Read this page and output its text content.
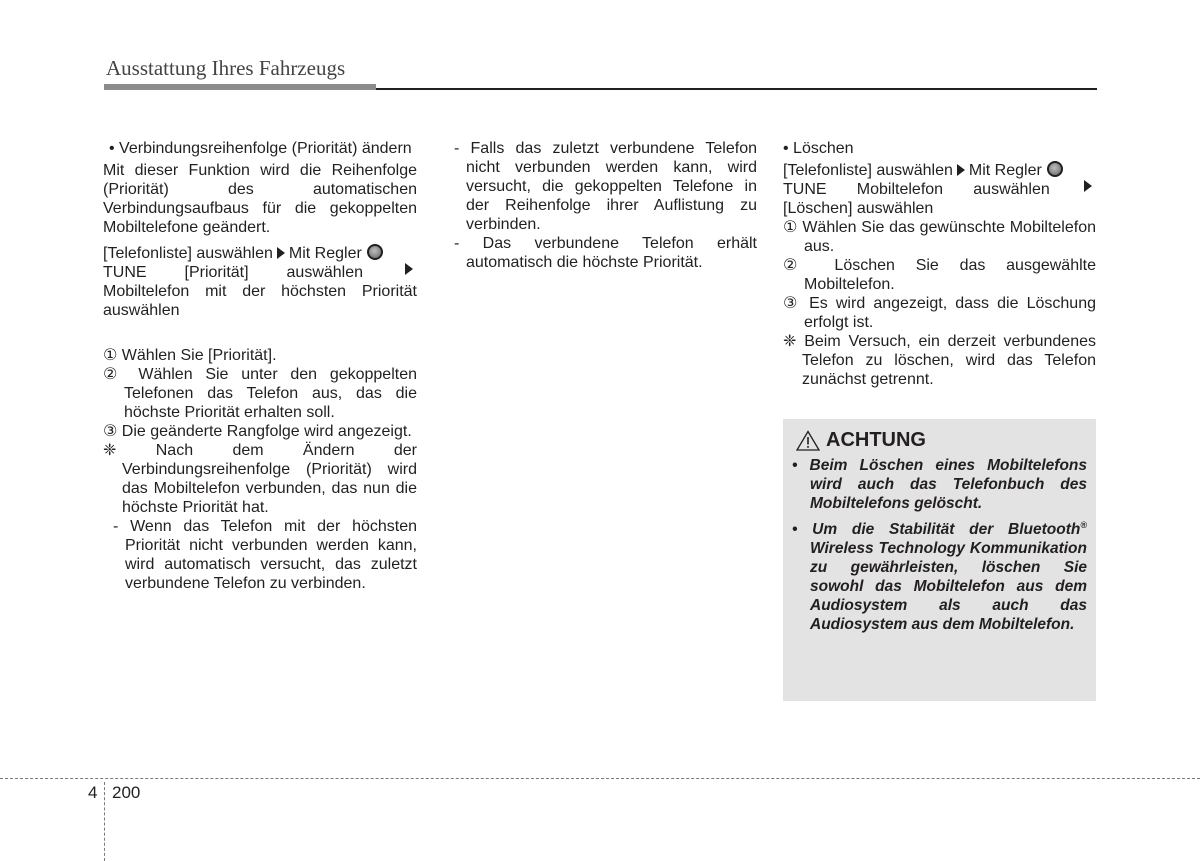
Ausstattung Ihres Fahrzeugs

• Verbindungsreihenfolge (Priorität) ändern

Mit dieser Funktion wird die Reihenfolge (Priorität) des automatischen Verbindungsaufbaus für die gekoppelten Mobiltelefone geändert.

[Telefonliste] auswählen Mit Regler

TUNE [Priorität] auswählen

Mobiltelefon mit der höchsten Priorität auswählen

① Wählen Sie [Priorität].

② Wählen Sie unter den gekoppelten Telefonen das Telefon aus, das die höchste Priorität erhalten soll.

③ Die geänderte Rangfolge wird angezeigt.

❈ Nach dem Ändern der Verbindungsreihenfolge (Priorität) wird das Mobiltelefon verbunden, das nun die höchste Priorität hat.

- Wenn das Telefon mit der höchsten Priorität nicht verbunden werden kann, wird automatisch versucht, das zuletzt verbundene Telefon zu verbinden.

- Falls das zuletzt verbundene Telefon nicht verbunden werden kann, wird versucht, die gekoppelten Telefone in der Reihenfolge ihrer Auflistung zu verbinden.

- Das verbundene Telefon erhält automatisch die höchste Priorität.

• Löschen

[Telefonliste] auswählen Mit Regler

TUNE Mobiltelefon auswählen

[Löschen] auswählen

① Wählen Sie das gewünschte Mobiltelefon aus.

② Löschen Sie das ausgewählte Mobiltelefon.

③ Es wird angezeigt, dass die Löschung erfolgt ist.

❈ Beim Versuch, ein derzeit verbundenes Telefon zu löschen, wird das Telefon zunächst getrennt.

ACHTUNG

• Beim Löschen eines Mobiltelefons wird auch das Telefonbuch des Mobiltelefons gelöscht.

• Um die Stabilität der Bluetooth® Wireless Technology Kommunikation zu gewährleisten, löschen Sie sowohl das Mobiltelefon aus dem Audiosystem als auch das Audiosystem aus dem Mobiltelefon.

4 200
